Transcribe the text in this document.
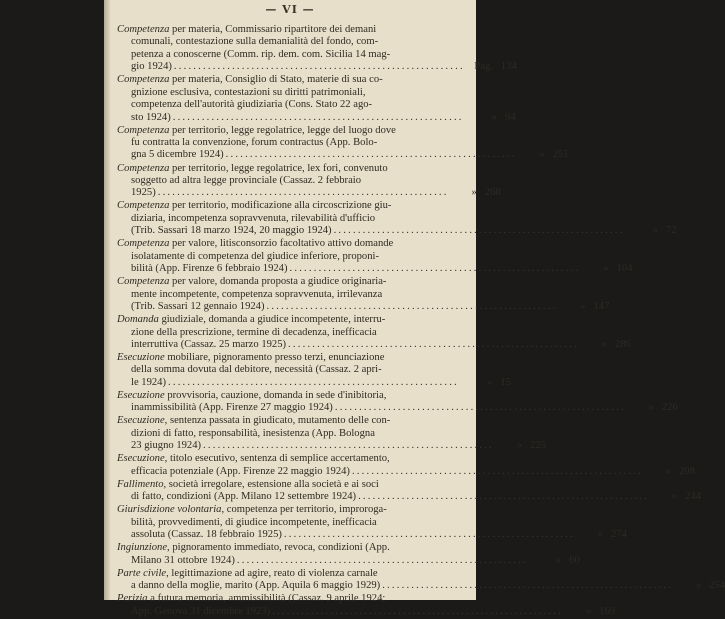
— VI —
Competenza per materia, Commissario ripartitore dei demani
comunali, contestazione sulla demanialità del fondo, com-
petenza a conoscerne (Comm. rip. dem. com. Sicilia 14 mag-
gio 1924) ............................................................ Pag. 134
Competenza per materia, Consiglio di Stato, materie di sua co-
gnizione esclusiva, contestazioni su diritti patrimoniali,
competenza dell'autorità giudiziaria (Cons. Stato 22 ago-
sto 1924) ............................................................	» 94
Competenza per territorio, legge regolatrice, legge del luogo dove
fu contratta la convenzione, forum contractus (App. Bolo-
gna 5 dicembre 1924) ............................................................	» 251
Competenza per territorio, legge regolatrice, lex fori, convenuto
soggetto ad altra legge provinciale (Cassaz. 2 febbraio
1925) ............................................................	» 268
Competenza per territorio, modificazione alla circoscrizione giu-
diziaria, incompetenza sopravvenuta, rilevabilità d'ufficio
(Trib. Sassari 18 marzo 1924, 20 maggio 1924) ............................................................	» 72
Competenza per valore, litisconsorzio facoltativo attivo domande
isolatamente di competenza del giudice inferiore, proponi-
bilità (App. Firenze 6 febbraio 1924) ............................................................	» 104
Competenza per valore, domanda proposta a giudice originaria-
mente incompetente, competenza sopravvenuta, irrilevanza
(Trib. Sassari 12 gennaio 1924) ............................................................	» 147
Domanda giudiziale, domanda a giudice incompetente, interru-
zione della prescrizione, termine di decadenza, inefficacia
interruttiva (Cassaz. 25 marzo 1925) ............................................................	» 286
Esecuzione mobiliare, pignoramento presso terzi, enunciazione
della somma dovuta dal debitore, necessità (Cassaz. 2 apri-
le 1924) ............................................................	» 15
Esecuzione provvisoria, cauzione, domanda in sede d'inibitoria,
inammissibilità (App. Firenze 27 maggio 1924) ............................................................	» 226
Esecuzione, sentenza passata in giudicato, mutamento delle con-
dizioni di fatto, responsabilità, inesistenza (App. Bologna
23 giugno 1924) ............................................................	» 225
Esecuzione, titolo esecutivo, sentenza di semplice accertamento,
efficacia potenziale (App. Firenze 22 maggio 1924) ............................................................	» 208
Fallimento, società irregolare, estensione alla società e ai soci
di fatto, condizioni (App. Milano 12 settembre 1924) ............................................................	» 244
Giurisdizione volontaria, competenza per territorio, improroga-
bilità, provvedimenti, di giudice incompetente, inefficacia
assoluta (Cassaz. 18 febbraio 1925) ............................................................	» 274
Ingiunzione, pignoramento immediato, revoca, condizioni (App.
Milano 31 ottobre 1924) ............................................................	» 60
Parte civile, legittimazione ad agire, reato di violenza carnale
a danno della moglie, marito (App. Aquila 6 maggio 1929) ............................................................	» 254
Perizia a futura memoria, ammissibilità (Cassaz. 9 aprile 1924;
App. Genova 31 dicembre 1923) ............................................................	» 169
